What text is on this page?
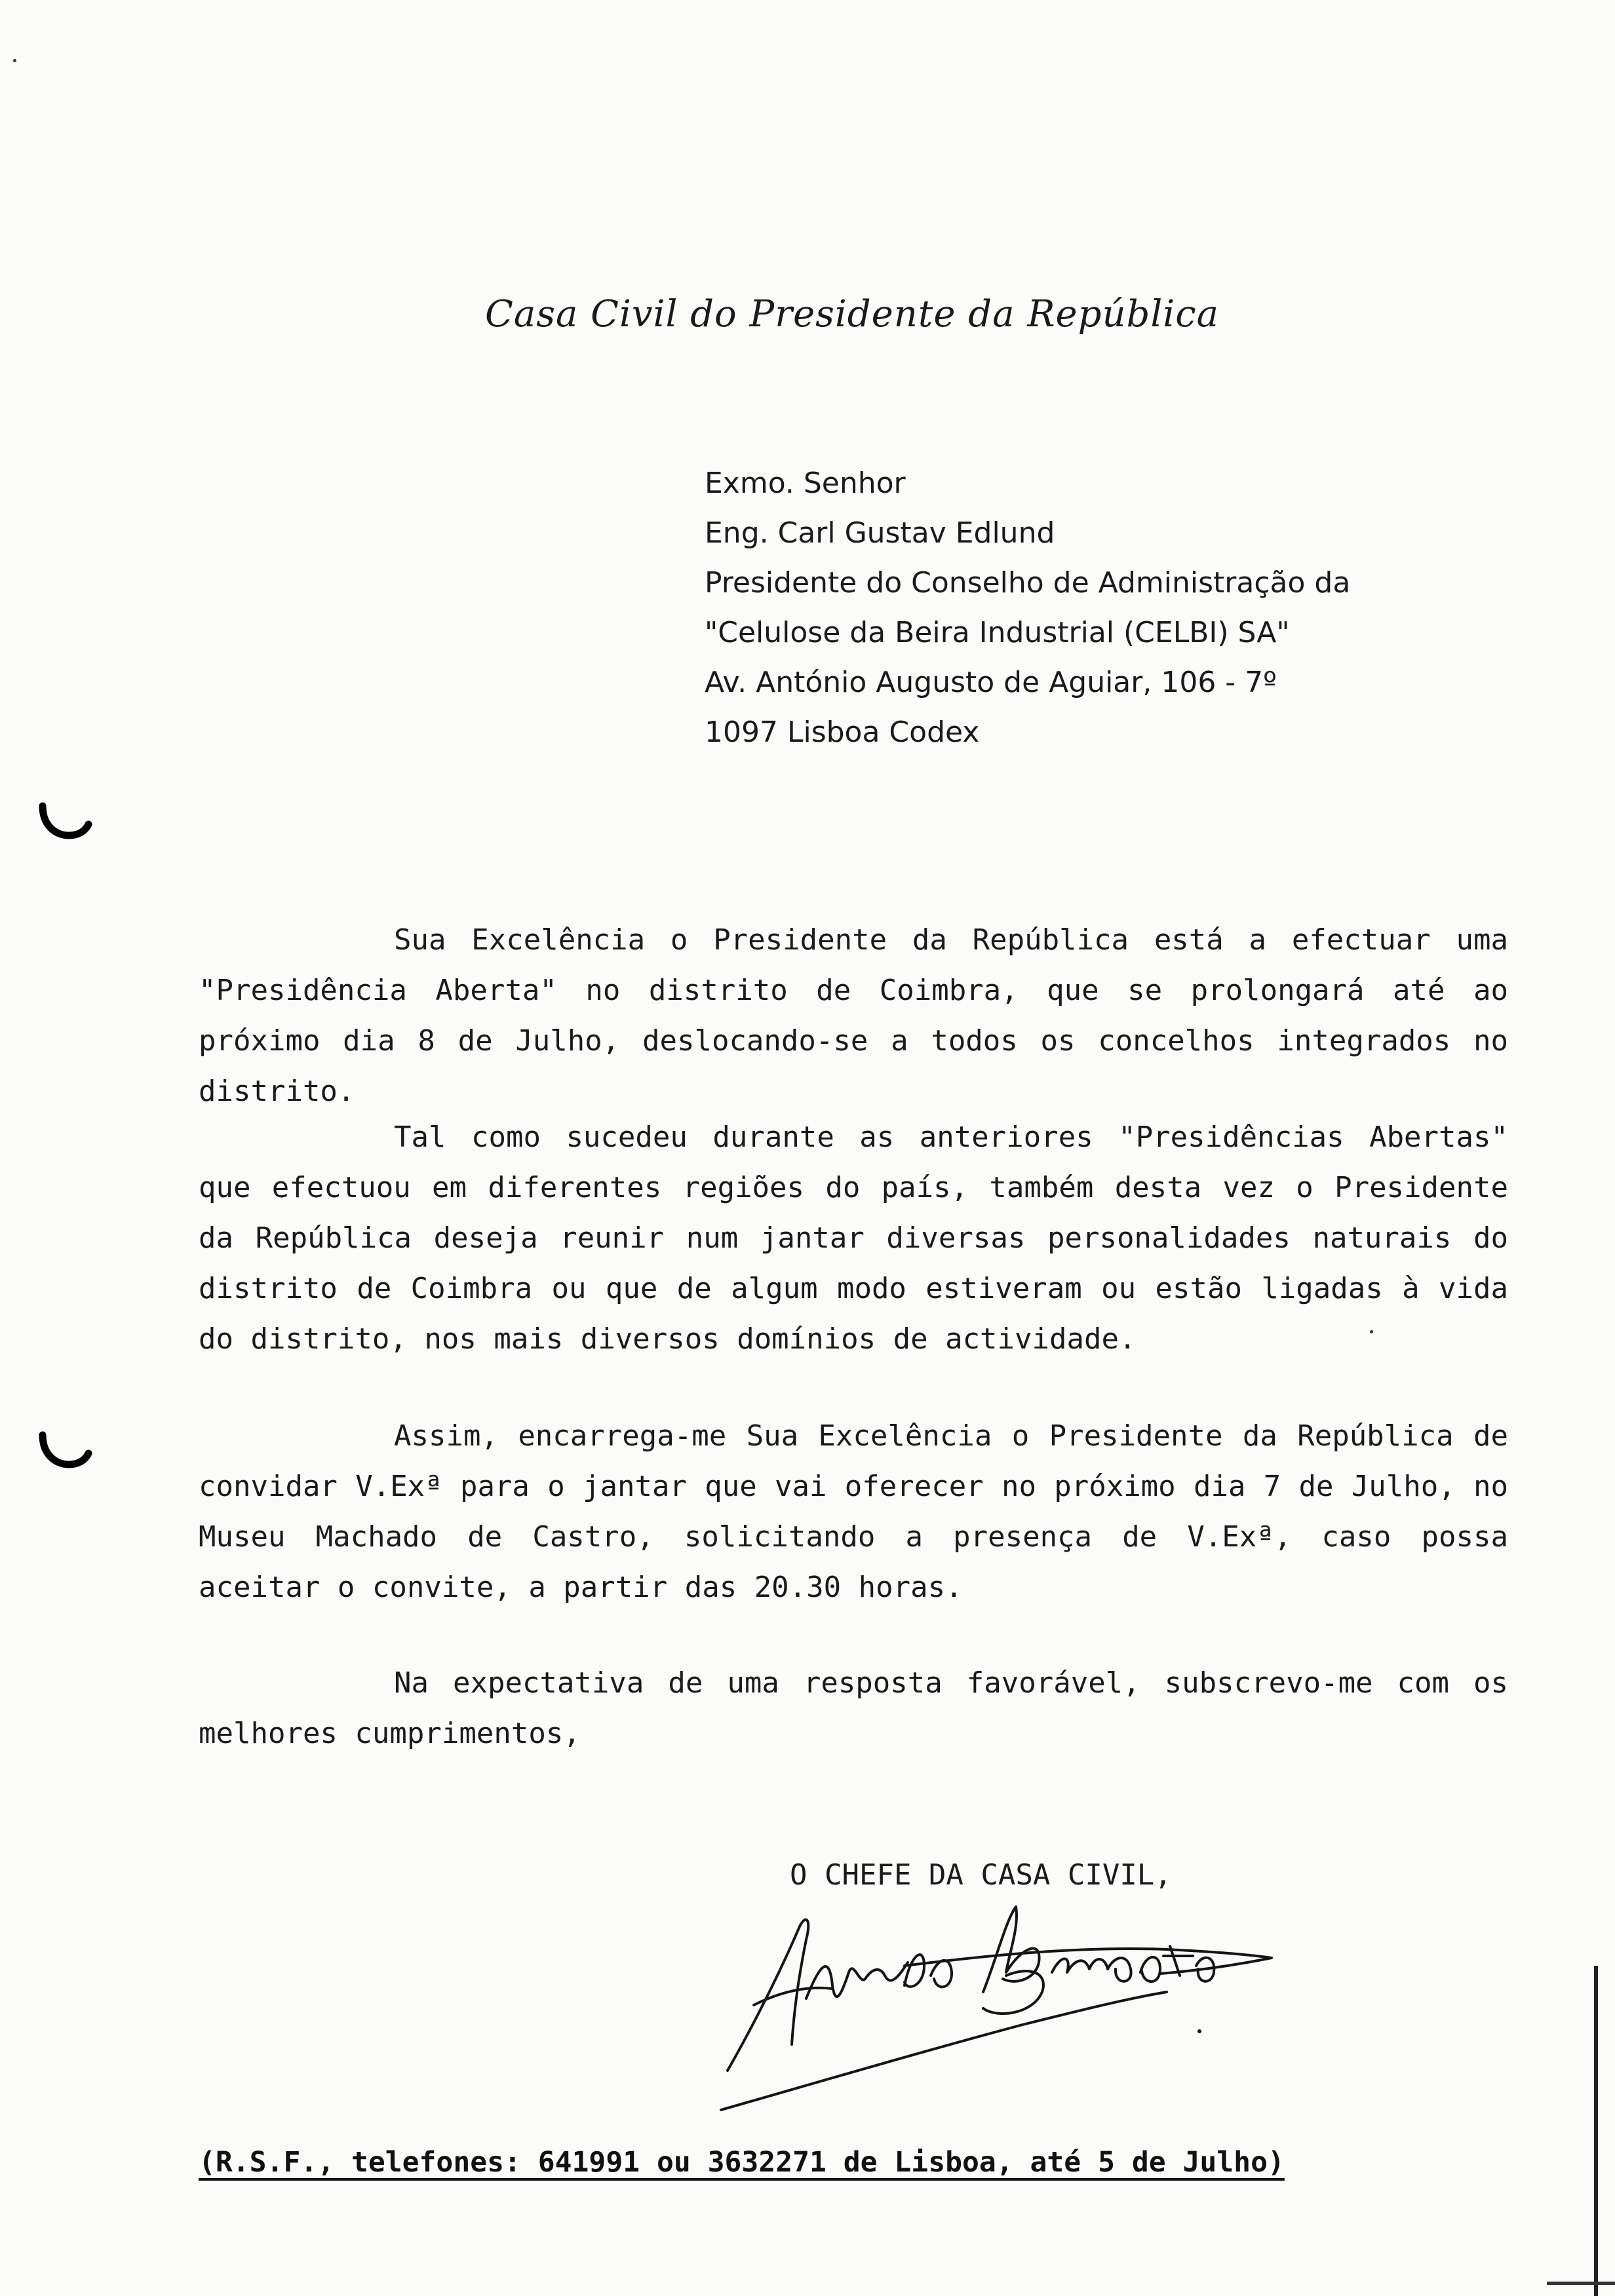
Casa Civil do Presidente da República
Exmo. Senhor
Eng. Carl Gustav Edlund
Presidente do Conselho de Administração da
"Celulose da Beira Industrial (CELBI) SA"
Av. António Augusto de Aguiar, 106 - 7º
1097 Lisboa Codex

Sua Excelência o Presidente da República está a efectuar uma "Presidência Aberta" no distrito de Coimbra, que se prolongará até ao próximo dia 8 de Julho, deslocando-se a todos os concelhos integrados no distrito.

Tal como sucedeu durante as anteriores "Presidências Abertas" que efectuou em diferentes regiões do país, também desta vez o Presidente da República deseja reunir num jantar diversas personalidades naturais do distrito de Coimbra ou que de algum modo estiveram ou estão ligadas à vida do distrito, nos mais diversos domínios de actividade.

Assim, encarrega-me Sua Excelência o Presidente da República de convidar V.Exª para o jantar que vai oferecer no próximo dia 7 de Julho, no Museu Machado de Castro, solicitando a presença de V.Exª, caso possa aceitar o convite, a partir das 20.30 horas.

Na expectativa de uma resposta favorável, subscrevo-me com os melhores cumprimentos,

O CHEFE DA CASA CIVIL,
(R.S.F., telefones: 641991 ou 3632271 de Lisboa, até 5 de Julho)
